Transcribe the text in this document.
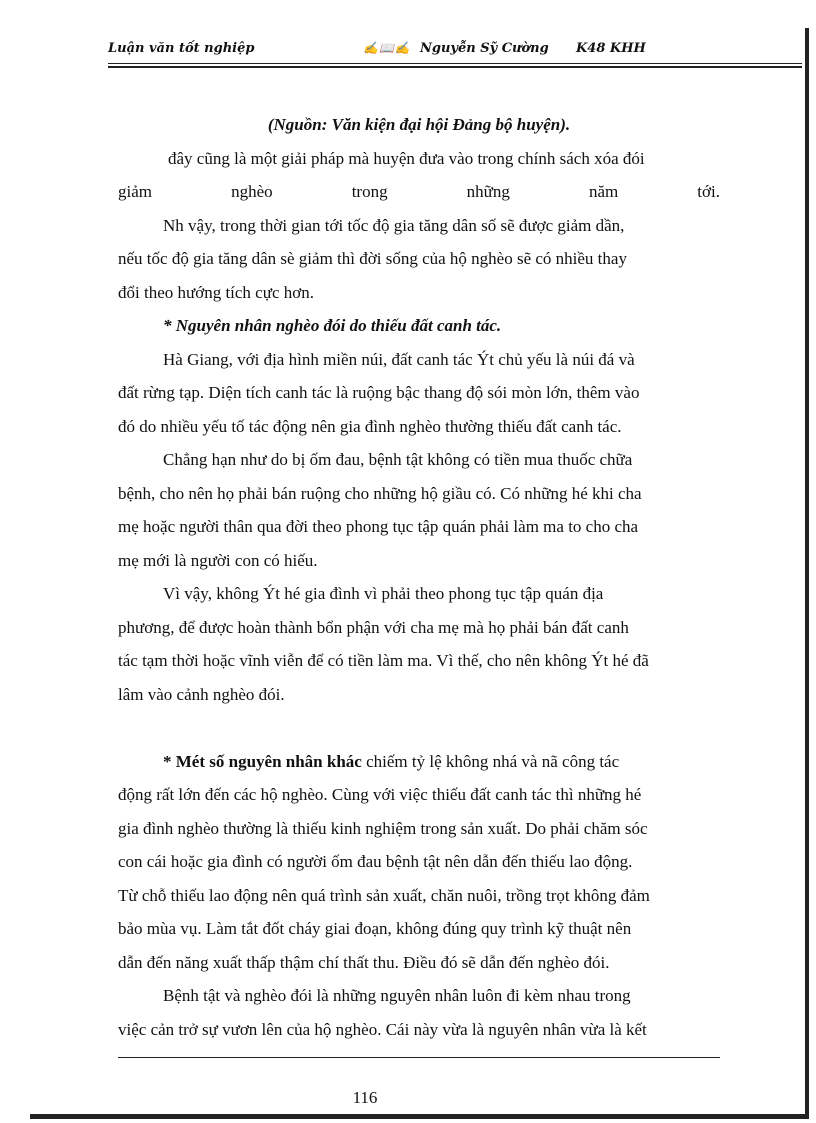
Luận văn tốt nghiệp	✍📖✍ Nguyễn Sỹ Cường K48 KHH
(Nguồn: Văn kiện đại hội Đảng bộ huyện).
đây cũng là một giải pháp mà huyện đưa vào trong chính sách xóa đói
giảm nghèo trong những năm tới.
Nh vậy, trong thời gian tới tốc độ gia tăng dân số sẽ được giảm dần,
nếu tốc độ gia tăng dân sè giảm thì đời sống của hộ nghèo sẽ có nhiều thay
đổi theo hướng tích cực hơn.
* Nguyên nhân nghèo đói do thiếu đất canh tác.
Hà Giang, với địa hình miền núi, đất canh tác Ýt chủ yếu là núi đá và
đất rừng tạp. Diện tích canh tác là ruộng bậc thang độ sói mòn lớn, thêm vào
đó do nhiều yếu tố tác động nên gia đình nghèo thường thiếu đất canh tác.
Chẳng hạn như do bị ốm đau, bệnh tật không có tiền mua thuốc chữa
bệnh, cho nên họ phải bán ruộng cho những hộ giầu có. Có những hé khi cha
mẹ hoặc người thân qua đời theo phong tục tập quán phải làm ma to cho cha
mẹ mới là người con có hiếu.
Vì vậy, không Ýt hé gia đình vì phải theo phong tục tập quán địa
phương, để được hoàn thành bổn phận với cha mẹ mà họ phải bán đất canh
tác tạm thời hoặc vĩnh viễn để có tiền làm ma. Vì thế, cho nên không Ýt hé đã
lâm vào cảnh nghèo đói.
* Mét số nguyên nhân khác chiếm tỷ lệ không nhá và nã công tác
động rất lớn đến các hộ nghèo. Cùng với việc thiếu đất canh tác thì những hé
gia đình nghèo thường là thiếu kinh nghiệm trong sản xuất. Do phải chăm sóc
con cái hoặc gia đình có người ốm đau bệnh tật nên dẫn đến thiếu lao động.
Từ chỗ thiếu lao động nên quá trình sản xuất, chăn nuôi, trồng trọt không đảm
bảo mùa vụ. Làm tắt đốt cháy giai đoạn, không đúng quy trình kỹ thuật nên
dẫn đến năng xuất thấp thậm chí thất thu. Điều đó sẽ dẫn đến nghèo đói.
Bệnh tật và nghèo đói là những nguyên nhân luôn đi kèm nhau trong
việc cản trở sự vươn lên của hộ nghèo. Cái này vừa là nguyên nhân vừa là kết
116
